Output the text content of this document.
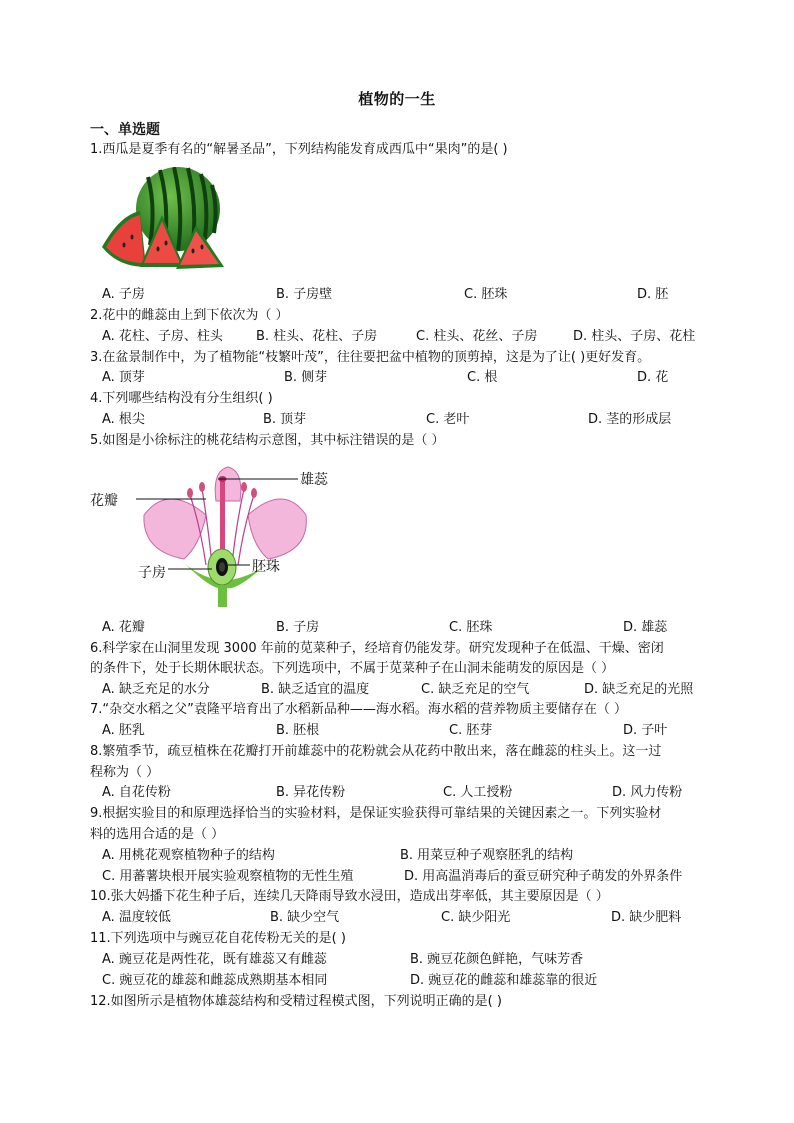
植物的一生
一、单选题
1.西瓜是夏季有名的“解暑圣品”，下列结构能发育成西瓜中“果肉”的是( )
A. 子房	B. 子房壁	C. 胚珠	D. 胚
2.花中的雌蕊由上到下依次为（ ）
A. 花柱、子房、柱头	B. 柱头、花柱、子房	C. 柱头、花丝、子房	D. 柱头、子房、花柱
3.在盆景制作中，为了植物能“枝繁叶茂”，往往要把盆中植物的顶剪掉，这是为了让( )更好发育。
A. 顶芽	B. 侧芽	C. 根	D. 花
4.下列哪些结构没有分生组织( )
A. 根尖	B. 顶芽	C. 老叶	D. 茎的形成层
5.如图是小徐标注的桃花结构示意图，其中标注错误的是（ ）
雄蕊
花瓣
子房	胚珠
A. 花瓣	B. 子房	C. 胚珠	D. 雄蕊
6.科学家在山洞里发现 3000 年前的苋菜种子，经培育仍能发芽。研究发现种子在低温、干燥、密闭
的条件下，处于长期休眠状态。下列选项中，不属于苋菜种子在山洞未能萌发的原因是（ ）
A. 缺乏充足的水分	B. 缺乏适宜的温度	C. 缺乏充足的空气	D. 缺乏充足的光照
7.“杂交水稻之父”袁隆平培育出了水稻新品种——海水稻。海水稻的营养物质主要储存在（ ）
A. 胚乳	B. 胚根	C. 胚芽	D. 子叶
8.繁殖季节，疏豆植株在花瓣打开前雄蕊中的花粉就会从花药中散出来，落在雌蕊的柱头上。这一过
程称为（ ）
A. 自花传粉	B. 异花传粉	C. 人工授粉	D. 风力传粉
9.根据实验目的和原理选择恰当的实验材料，是保证实验获得可靠结果的关键因素之一。下列实验材
料的选用合适的是（ ）
A. 用桃花观察植物种子的结构	B. 用菜豆种子观察胚乳的结构
C. 用蕃薯块根开展实验观察植物的无性生殖	D. 用高温消毒后的蚕豆研究种子萌发的外界条件
10.张大妈播下花生种子后，连续几天降雨导致水浸田，造成出芽率低，其主要原因是（ ）
A. 温度较低	B. 缺少空气	C. 缺少阳光	D. 缺少肥料
11.下列选项中与豌豆花自花传粉无关的是( )
A. 豌豆花是两性花，既有雄蕊又有雌蕊	B. 豌豆花颜色鲜艳，气味芳香
C. 豌豆花的雄蕊和雌蕊成熟期基本相同	D. 豌豆花的雌蕊和雄蕊靠的很近
12.如图所示是植物体雄蕊结构和受精过程模式图，下列说明正确的是( )
